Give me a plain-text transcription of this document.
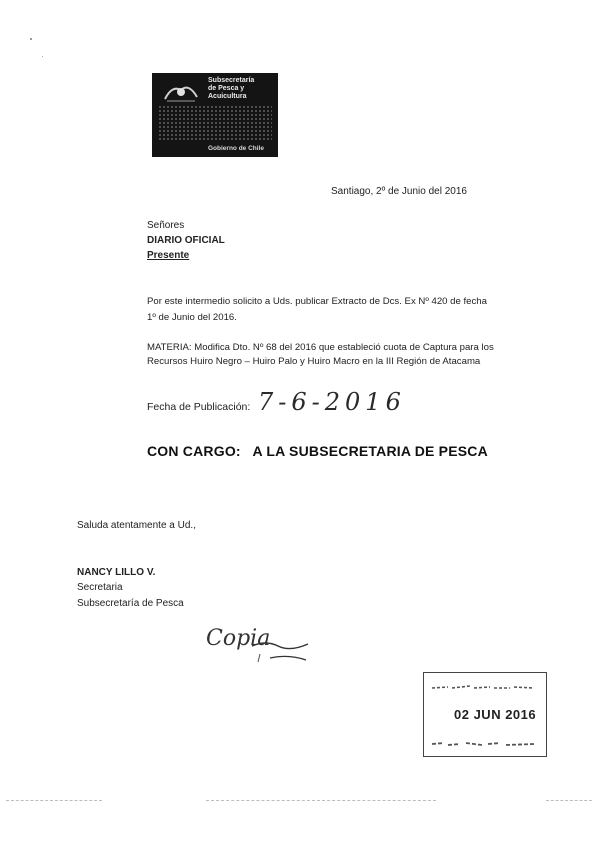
Subsecretaría
de Pesca y
Acuicultura
Gobierno de Chile
Santiago, 2º de Junio del 2016
Señores
DIARIO OFICIAL
Presente
Por este intermedio solicito a Uds. publicar Extracto de Dcs. Ex Nº 420 de fecha
1º de Junio del 2016.
MATERIA: Modifica Dto. Nº 68 del 2016 que estableció cuota de Captura para los
Recursos Huiro Negro – Huiro Palo y Huiro Macro en la III Región de Atacama
Fecha de Publicación: 7-6-2016
CON CARGO:   A LA SUBSECRETARIA DE PESCA
Saluda atentamente a Ud.,
NANCY LILLO V.
Secretaria
Subsecretaría de Pesca
Copia
02 JUN 2016
